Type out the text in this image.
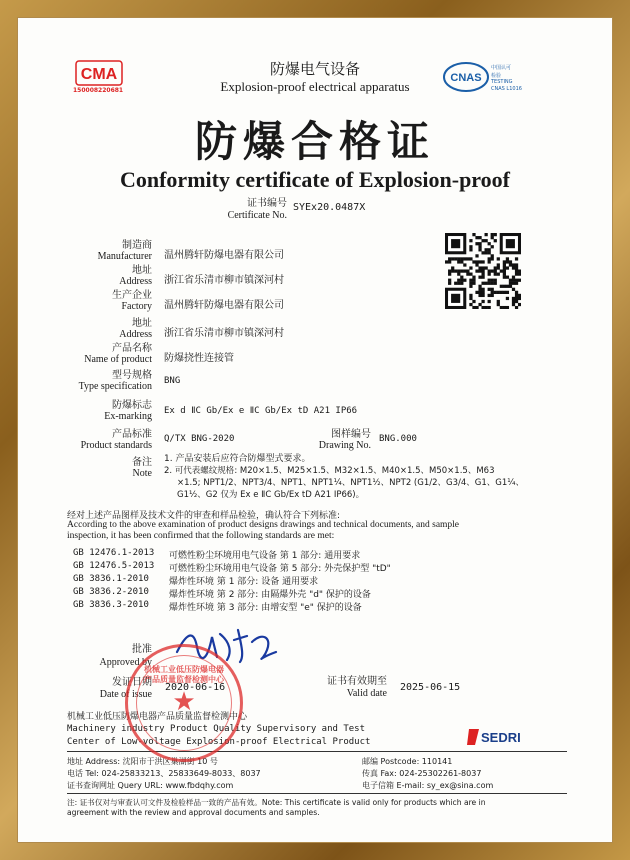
CMA
150008220681
CNAS
中国认可
检验
TESTING
CNAS L1016
防爆电气设备
Explosion-proof electrical apparatus
防爆合格证
Conformity certificate of Explosion-proof
证书编号
Certificate No.
SYEx20.0487X
制造商
Manufacturer 温州腾轩防爆电器有限公司
地址
Address 浙江省乐清市柳市镇深河村
生产企业
Factory 温州腾轩防爆电器有限公司
地址
Address 浙江省乐清市柳市镇深河村
产品名称
Name of product 防爆挠性连接管
型号规格
Type specification BNG
防爆标志
Ex-marking Ex d ⅡC Gb/Ex e ⅡC Gb/Ex tD A21 IP66
产品标准
Product standards
Q/TX BNG-2020	图样编号
Drawing No.
BNG.000
备注
Note
1. 产品安装后应符合防爆型式要求。
2. 可代表螺纹规格: M20×1.5、M25×1.5、M32×1.5、M40×1.5、M50×1.5、M63
×1.5; NPT1/2、NPT3/4、NPT1、NPT1¼、NPT1½、NPT2 (G1/2、G3/4、G1、G1¼、
G1½、G2 仅为 Ex e ⅡC Gb/Ex tD A21 IP66)。
经对上述产品图样及技术文件的审查和样品检验，确认符合下列标准:
According to the above examination of product designs drawings and technical documents, and sample
inspection, it has been confirmed that the following standards are met:
GB 12476.1-2013 可燃性粉尘环境用电气设备 第 1 部分: 通用要求
GB 12476.5-2013 可燃性粉尘环境用电气设备 第 5 部分: 外壳保护型 "tD"
GB 3836.1-2010 爆炸性环境 第 1 部分: 设备 通用要求
GB 3836.2-2010 爆炸性环境 第 2 部分: 由隔爆外壳 "d" 保护的设备
GB 3836.3-2010 爆炸性环境 第 3 部分: 由增安型 "e" 保护的设备
批准
Approved by
发证日期
Date of issue
2020-06-16
证书有效期至
Valid date
2025-06-15
机械工业低压防爆电器产品质量监督检测中心
Machinery industry Product Quality Supervisory and Test
Center of Low-voltage Explosion-proof Electrical Product	SEDRI
地址 Address: 沈阳市于洪区巢湖街 10 号	邮编 Postcode: 110141
电话 Tel: 024-25833213、25833649-8033、8037	传真 Fax: 024-25302261-8037
证书查询网址 Query URL: www.fbdqhy.com	电子信箱 E-mail: sy_ex@sina.com
注: 证书仅对与审查认可文件及检验样品一致的产品有效。Note: This certificate is valid only for products which are in
agreement with the review and approval documents and samples.
机械工业低压防爆电器产品质量监督检测中心
★
